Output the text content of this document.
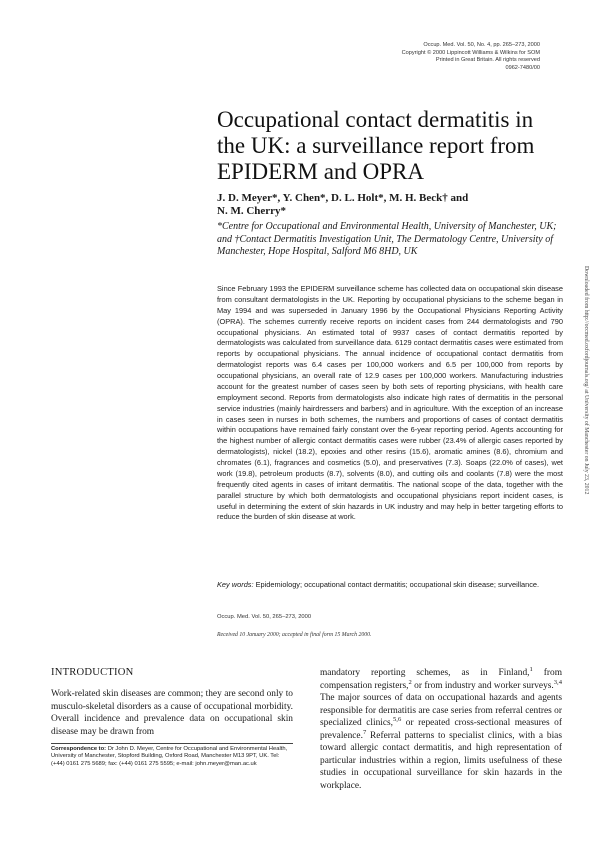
Occup. Med. Vol. 50, No. 4, pp. 265–273, 2000
Copyright © 2000 Lippincott Williams & Wilkins for SOM
Printed in Great Britain. All rights reserved
0962-7480/00
Occupational contact dermatitis in the UK: a surveillance report from EPIDERM and OPRA
J. D. Meyer*, Y. Chen*, D. L. Holt*, M. H. Beck† and
N. M. Cherry*
*Centre for Occupational and Environmental Health, University of Manchester, UK; and †Contact Dermatitis Investigation Unit, The Dermatology Centre, University of Manchester, Hope Hospital, Salford M6 8HD, UK
Since February 1993 the EPIDERM surveillance scheme has collected data on occupational skin disease from consultant dermatologists in the UK. Reporting by occupational physicians to the scheme began in May 1994 and was superseded in January 1996 by the Occupational Physicians Reporting Activity (OPRA). The schemes currently receive reports on incident cases from 244 dermatologists and 790 occupational physicians. An estimated total of 9937 cases of contact dermatitis reported by dermatologists was calculated from surveillance data. 6129 contact dermatitis cases were estimated from reports by occupational physicians. The annual incidence of occupational contact dermatitis from dermatologist reports was 6.4 cases per 100,000 workers and 6.5 per 100,000 from reports by occupational physicians, an overall rate of 12.9 cases per 100,000 workers. Manufacturing industries account for the greatest number of cases seen by both sets of reporting physicians, with health care employment second. Reports from dermatologists also indicate high rates of dermatitis in the personal service industries (mainly hairdressers and barbers) and in agriculture. With the exception of an increase in cases seen in nurses in both schemes, the numbers and proportions of cases of contact dermatitis within occupations have remained fairly constant over the 6-year reporting period. Agents accounting for the highest number of allergic contact dermatitis cases were rubber (23.4% of allergic cases reported by dermatologists), nickel (18.2), epoxies and other resins (15.6), aromatic amines (8.6), chromium and chromates (6.1), fragrances and cosmetics (5.0), and preservatives (7.3). Soaps (22.0% of cases), wet work (19.8), petroleum products (8.7), solvents (8.0), and cutting oils and coolants (7.8) were the most frequently cited agents in cases of irritant dermatitis. The national scope of the data, together with the parallel structure by which both dermatologists and occupational physicians report incident cases, is useful in determining the extent of skin hazards in UK industry and may help in better targeting efforts to reduce the burden of skin disease at work.
Key words: Epidemiology; occupational contact dermatitis; occupational skin disease; surveillance.
Occup. Med. Vol. 50, 265–273, 2000
Received 10 January 2000; accepted in final form 15 March 2000.
INTRODUCTION
Work-related skin diseases are common; they are second only to musculo-skeletal disorders as a cause of occupational morbidity. Overall incidence and prevalence data on occupational skin disease may be drawn from
mandatory reporting schemes, as in Finland,$^1$ from compensation registers,$^2$ or from industry and worker surveys.$^{3,4}$ The major sources of data on occupational hazards and agents responsible for dermatitis are case series from referral centres or specialized clinics,$^{5,6}$ or repeated cross-sectional measures of prevalence.$^7$ Referral patterns to specialist clinics, with a bias toward allergic contact dermatitis, and high representation of particular industries within a region, limits usefulness of these studies in occupational surveillance for skin hazards in the workplace.
Correspondence to: Dr John D. Meyer, Centre for Occupational and Environmental Health, University of Manchester, Stopford Building, Oxford Road, Manchester M13 9PT, UK. Tel: (+44) 0161 275 5689; fax: (+44) 0161 275 5595; e-mail: john.meyer@man.ac.uk
Downloaded from http://occmed.oxfordjournals.org/ at University of Manchester on July 23, 2012
